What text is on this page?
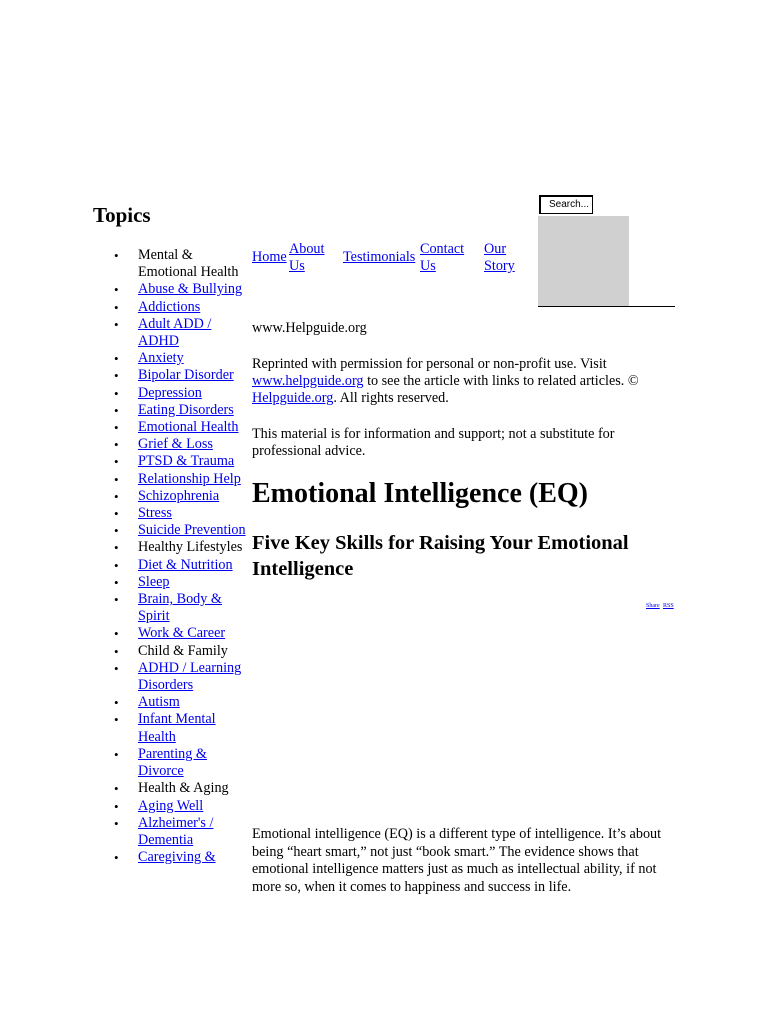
Topics
• Mental & Emotional Health
• Abuse & Bullying
• Addictions
• Adult ADD / ADHD
• Anxiety
• Bipolar Disorder
• Depression
• Eating Disorders
• Emotional Health
• Grief & Loss
• PTSD & Trauma
• Relationship Help
• Schizophrenia
• Stress
• Suicide Prevention
• Healthy Lifestyles
• Diet & Nutrition
• Sleep
• Brain, Body & Spirit
• Work & Career
• Child & Family
• ADHD / Learning Disorders
• Autism
• Infant Mental Health
• Parenting & Divorce
• Health & Aging
• Aging Well
• Alzheimer's / Dementia
• Caregiving &
Search...
Home About
Us
Testimonials Contact
Us
Our
Story
www.Helpguide.org

Reprinted with permission for personal or non-profit use. Visit www.helpguide.org to see the article with links to related articles. © Helpguide.org. All rights reserved.

This material is for information and support; not a substitute for professional advice.

Emotional Intelligence (EQ)
Five Key Skills for Raising Your Emotional Intelligence
Share RSS

Emotional intelligence (EQ) is a different type of intelligence. It’s about being “heart smart,” not just “book smart.” The evidence shows that emotional intelligence matters just as much as intellectual ability, if not more so, when it comes to happiness and success in life.
